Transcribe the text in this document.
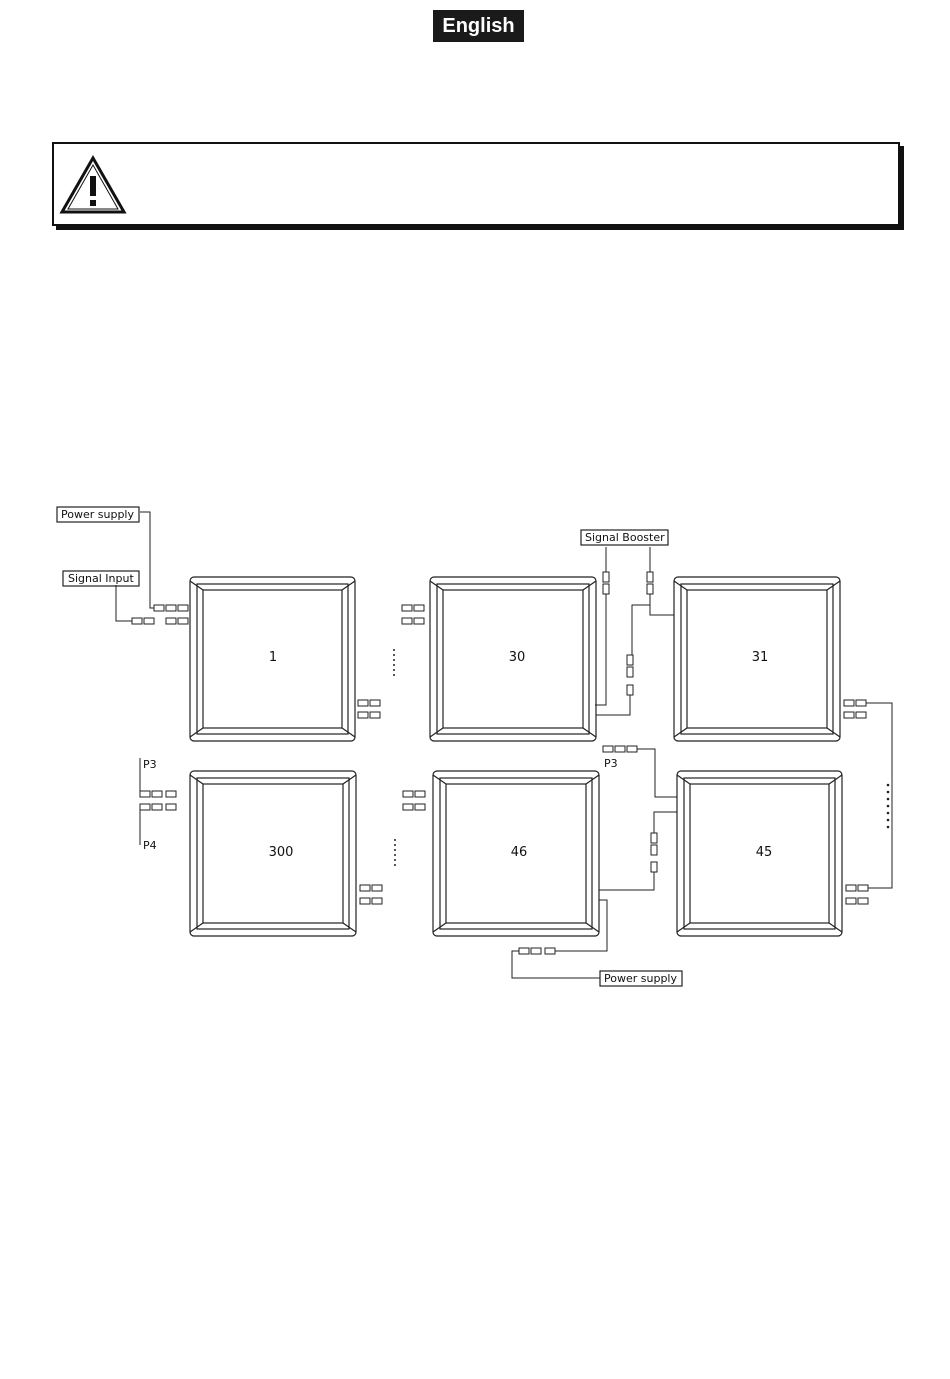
English
Power supply
Signal Input
Signal Booster
Power supply
P3
P4
P3
1	30	31
300	46	45
